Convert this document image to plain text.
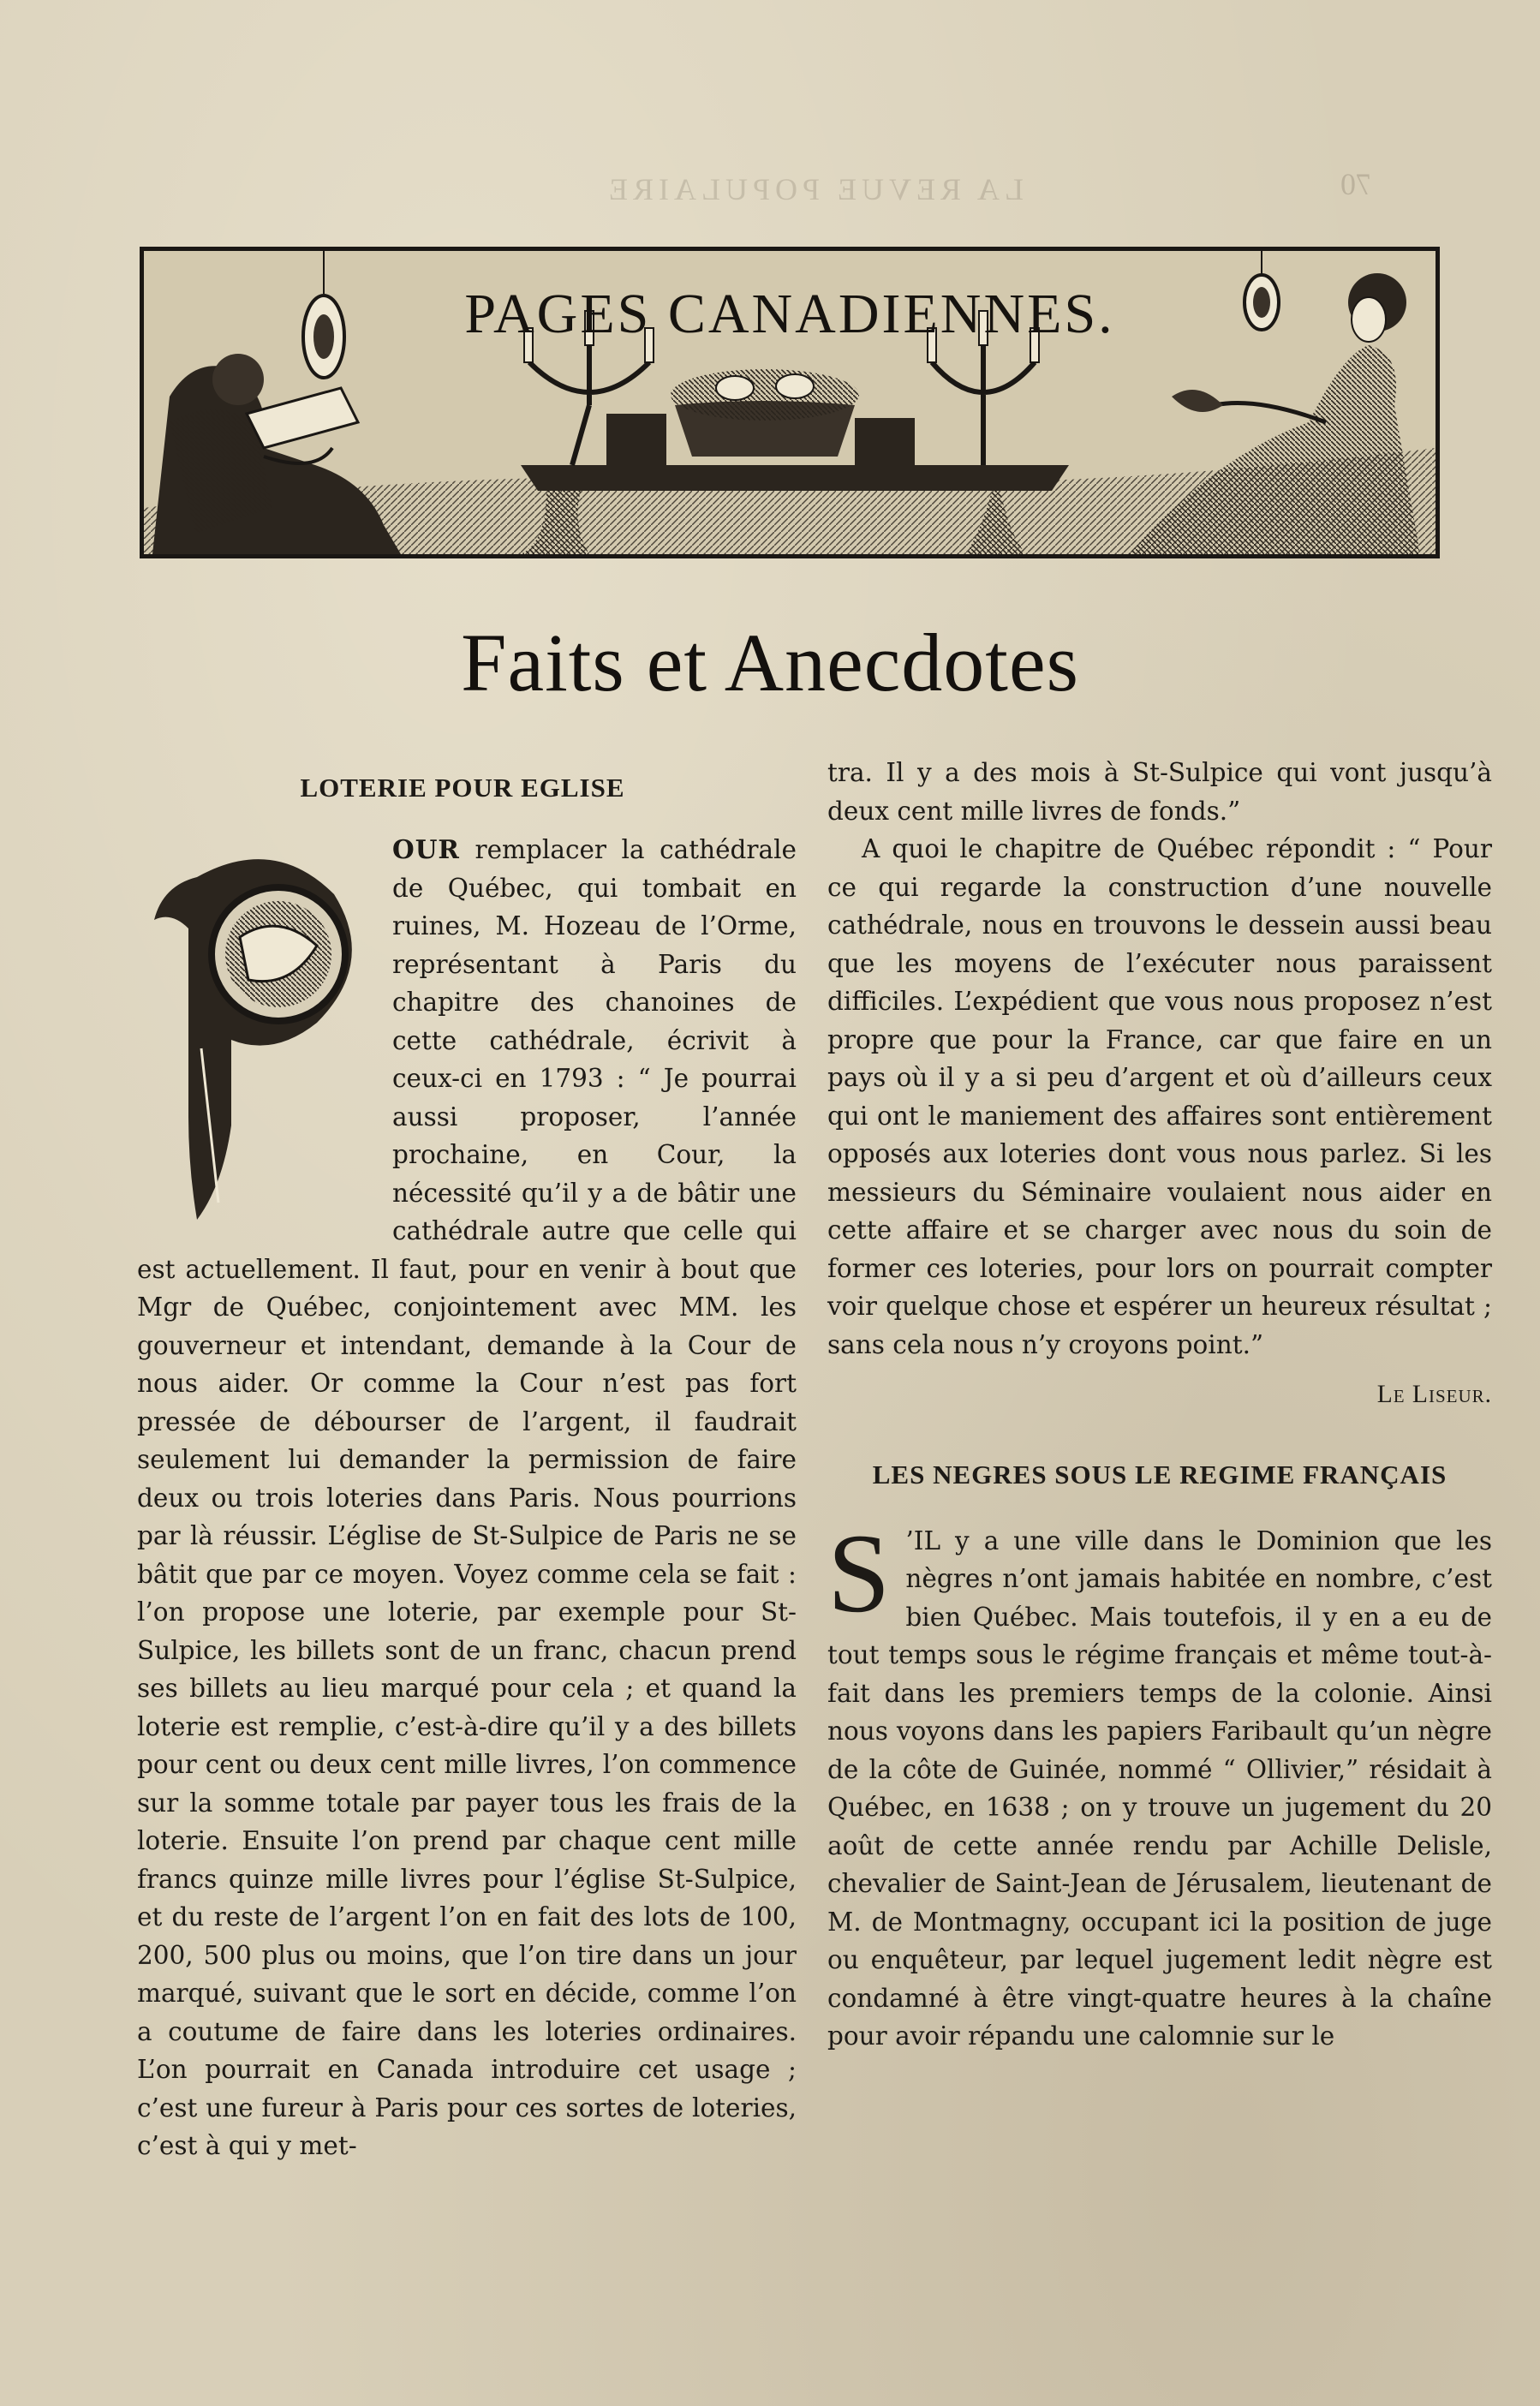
LA REVUE POPULAIRE	70
PAGES CANADIENNES.
Faits et Anecdotes
LOTERIE POUR EGLISE

OUR remplacer la cathédrale de Québec, qui tombait en ruines, M. Hozeau de l’Orme, représentant à Paris du chapitre des chanoines de cette cathédrale, écrivit à ceux-ci en 1793 : “ Je pourrai aussi proposer, l’année prochaine, en Cour, la nécessité qu’il y a de bâtir une cathédrale autre que celle qui est actuellement. Il faut, pour en venir à bout que Mgr de Québec, conjointement avec MM. les gouverneur et intendant, demande à la Cour de nous aider. Or comme la Cour n’est pas fort pressée de débourser de l’argent, il faudrait seulement lui demander la permission de faire deux ou trois loteries dans Paris. Nous pourrions par là réussir. L’église de St-Sulpice de Paris ne se bâtit que par ce moyen. Voyez comme cela se fait : l’on propose une loterie, par exemple pour St-Sulpice, les billets sont de un franc, chacun prend ses billets au lieu marqué pour cela ; et quand la loterie est remplie, c’est-à-dire qu’il y a des billets pour cent ou deux cent mille livres, l’on commence sur la somme totale par payer tous les frais de la loterie. Ensuite l’on prend par chaque cent mille francs quinze mille livres pour l’église St-Sulpice, et du reste de l’argent l’on en fait des lots de 100, 200, 500 plus ou moins, que l’on tire dans un jour marqué, suivant que le sort en décide, comme l’on a coutume de faire dans les loteries ordinaires. L’on pourrait en Canada introduire cet usage ; c’est une fureur à Paris pour ces sortes de loteries, c’est à qui y met-

tra. Il y a des mois à St-Sulpice qui vont jusqu’à deux cent mille livres de fonds.”

A quoi le chapitre de Québec répondit : “ Pour ce qui regarde la construction d’une nouvelle cathédrale, nous en trouvons le dessein aussi beau que les moyens de l’exécuter nous paraissent difficiles. L’expédient que vous nous proposez n’est propre que pour la France, car que faire en un pays où il y a si peu d’argent et où d’ailleurs ceux qui ont le maniement des affaires sont entièrement opposés aux loteries dont vous nous parlez. Si les messieurs du Séminaire voulaient nous aider en cette affaire et se charger avec nous du soin de former ces loteries, pour lors on pourrait compter voir quelque chose et espérer un heureux résultat ; sans cela nous n’y croyons point.”

Le Liseur.

LES NEGRES SOUS LE REGIME FRANÇAIS

S ’IL y a une ville dans le Dominion que les nègres n’ont jamais habitée en nombre, c’est bien Québec. Mais toutefois, il y en a eu de tout temps sous le régime français et même tout-à-fait dans les premiers temps de la colonie. Ainsi nous voyons dans les papiers Faribault qu’un nègre de la côte de Guinée, nommé “ Ollivier,” résidait à Québec, en 1638 ; on y trouve un jugement du 20 août de cette année rendu par Achille Delisle, chevalier de Saint-Jean de Jérusalem, lieutenant de M. de Montmagny, occupant ici la position de juge ou enquêteur, par lequel jugement ledit nègre est condamné à être vingt-quatre heures à la chaîne pour avoir répandu une calomnie sur le
